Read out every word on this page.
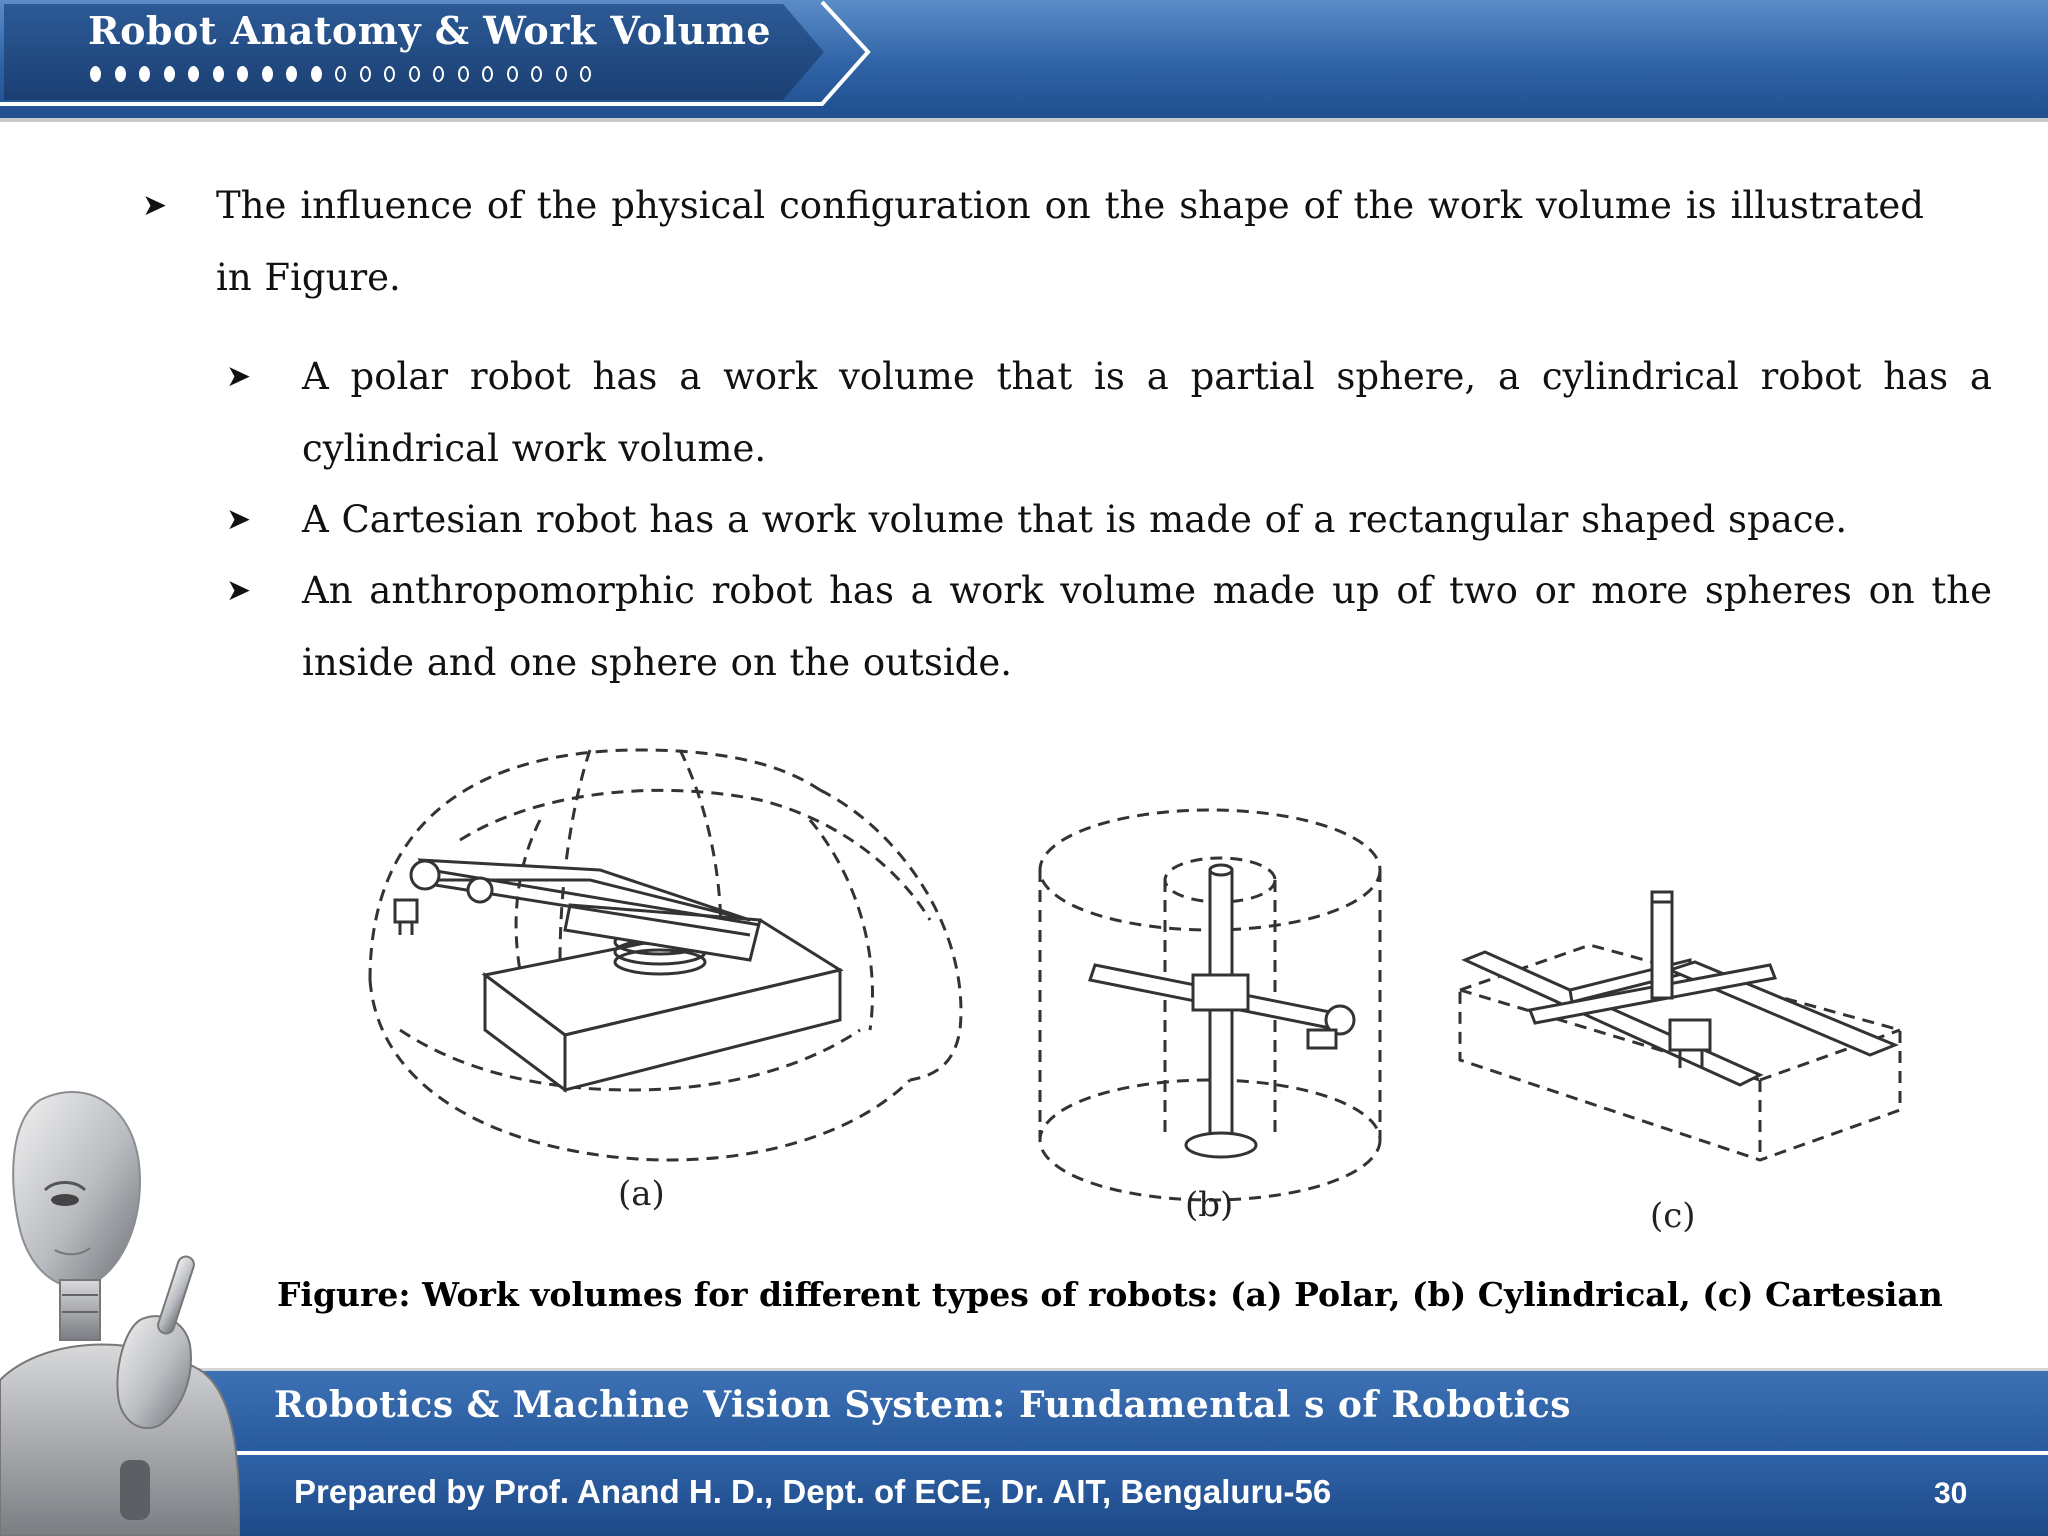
Robot Anatomy & Work Volume
➤ The influence of the physical configuration on the shape of the work volume is illustrated in Figure.
➤ A polar robot has a work volume that is a partial sphere, a cylindrical robot has a cylindrical work volume.
➤ A Cartesian robot has a work volume that is made of a rectangular shaped space.
➤ An anthropomorphic robot has a work volume made up of two or more spheres on the inside and one sphere on the outside.
(a)	(b)	(c)
Figure: Work volumes for different types of robots: (a) Polar, (b) Cylindrical, (c) Cartesian
Robotics & Machine Vision System: Fundamental s of Robotics
Prepared by Prof. Anand H. D., Dept. of ECE, Dr. AIT, Bengaluru-56	30
